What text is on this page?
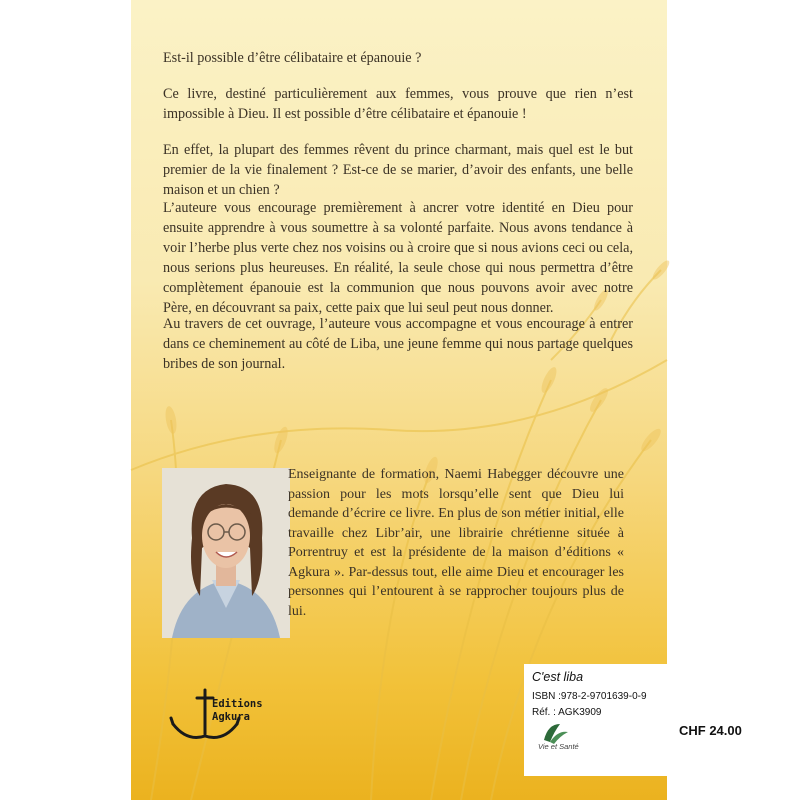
Est-il possible d’être célibataire et épanouie ?

Ce livre, destiné particulièrement aux femmes, vous prouve que rien n’est impossible à Dieu. Il est possible d’être célibataire et épanouie !

En effet, la plupart des femmes rêvent du prince charmant, mais quel est le but premier de la vie finalement ? Est-ce de se marier, d’avoir des enfants, une belle maison et un chien ?

L’auteure vous encourage premièrement à ancrer votre identité en Dieu pour ensuite apprendre à vous soumettre à sa volonté parfaite. Nous avons tendance à voir l’herbe plus verte chez nos voisins ou à croire que si nous avions ceci ou cela, nous serions plus heureuses. En réalité, la seule chose qui nous permettra d’être complètement épanouie est la communion que nous pouvons avoir avec notre Père, en découvrant sa paix, cette paix que lui seul peut nous donner.

Au travers de cet ouvrage, l’auteure vous accompagne et vous encourage à entrer dans ce cheminement au côté de Liba, une jeune femme qui nous partage quelques bribes de son journal.

Enseignante de formation, Naemi Habegger découvre une passion pour les mots lorsqu’elle sent que Dieu lui demande d’écrire ce livre. En plus de son métier initial, elle travaille chez Libr’air, une librairie chrétienne située à Porrentruy et est la présidente de la maison d’éditions « Agkura ». Par-dessus tout, elle aime Dieu et encourager les personnes qui l’entourent à se rapprocher toujours plus de lui.
Editions
Agkura
C'est liba
ISBN :978-2-9701639-0-9
Réf. : AGK3909
Vie et Santé
CHF 24.00
